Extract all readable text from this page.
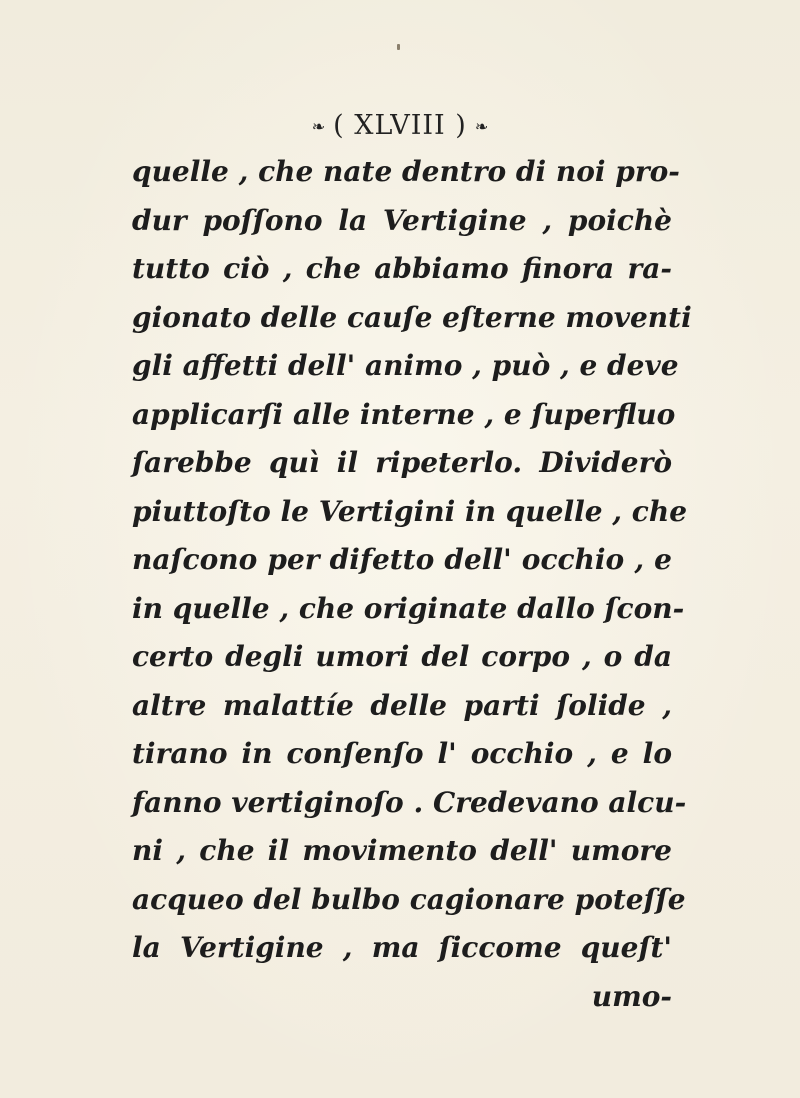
❧ ( XLVIII ) ❧
quelle , che nate dentro di noi pro-
dur poſſono la Vertigine , poichè
tutto ciò , che abbiamo finora ra-
gionato delle cauſe eſterne moventi
gli affetti dell' animo , può , e deve
applicarſi alle interne , e ſuperfluo
ſarebbe quì il ripeterlo. Dividerò
piuttoſto le Vertigini in quelle , che
naſcono per difetto dell' occhio , e
in quelle , che originate dallo ſcon-
certo degli umori del corpo , o da
altre malattíe delle parti ſolide ,
tirano in conſenſo l' occhio , e lo
fanno vertiginoſo . Credevano alcu-
ni , che il movimento dell' umore
acqueo del bulbo cagionare poteſſe
la Vertigine , ma ſiccome queſt'
umo-
